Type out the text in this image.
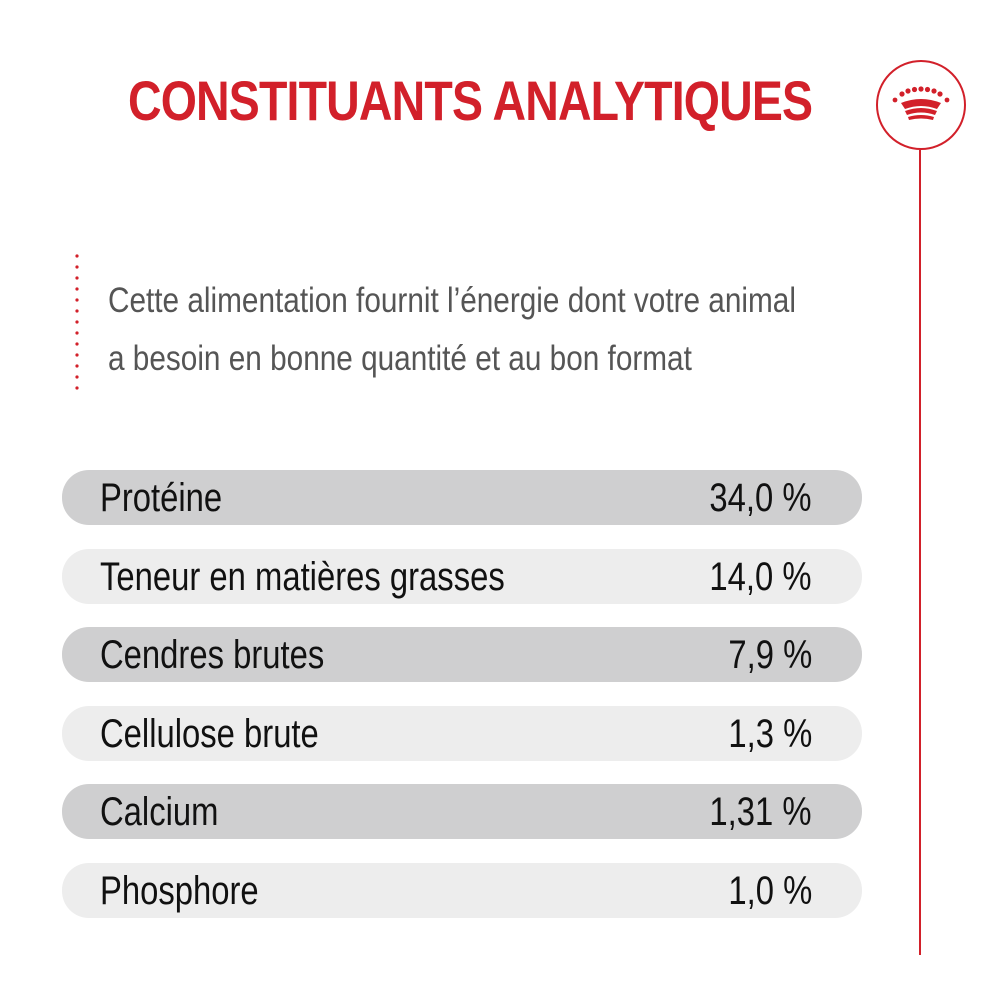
CONSTITUANTS ANALYTIQUES
Cette alimentation fournit l’énergie dont votre animal
a besoin en bonne quantité et au bon format
Protéine	34,0 %
Teneur en matières grasses	14,0 %
Cendres brutes	7,9 %
Cellulose brute	1,3 %
Calcium	1,31 %
Phosphore	1,0 %
